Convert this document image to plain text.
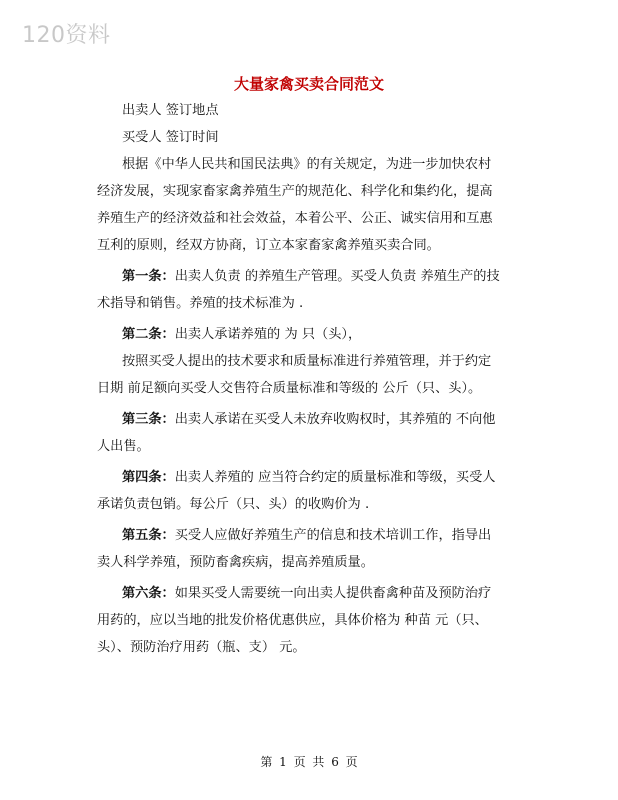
120资料
大量家禽买卖合同范文

出卖人 签订地点

买受人 签订时间

根据《中华人民共和国民法典》的有关规定，为进一步加快农村
经济发展，实现家畜家禽养殖生产的规范化、科学化和集约化，提高
养殖生产的经济效益和社会效益，本着公平、公正、诚实信用和互惠
互利的原则，经双方协商，订立本家畜家禽养殖买卖合同。

第一条：出卖人负责 的养殖生产管理。买受人负责 养殖生产的技
术指导和销售。养殖的技术标准为 .

第二条：出卖人承诺养殖的 为 只（头），

按照买受人提出的技术要求和质量标准进行养殖管理，并于约定
日期 前足额向买受人交售符合质量标准和等级的 公斤（只、头）。

第三条：出卖人承诺在买受人未放弃收购权时，其养殖的 不向他
人出售。

第四条：出卖人养殖的 应当符合约定的质量标准和等级，买受人
承诺负责包销。每公斤（只、头）的收购价为 .

第五条：买受人应做好养殖生产的信息和技术培训工作，指导出
卖人科学养殖，预防畜禽疾病，提高养殖质量。

第六条：如果买受人需要统一向出卖人提供畜禽种苗及预防治疗
用药的，应以当地的批发价格优惠供应，具体价格为 种苗 元（只、
头）、预防治疗用药（瓶、支） 元。

第 1 页 共 6 页
